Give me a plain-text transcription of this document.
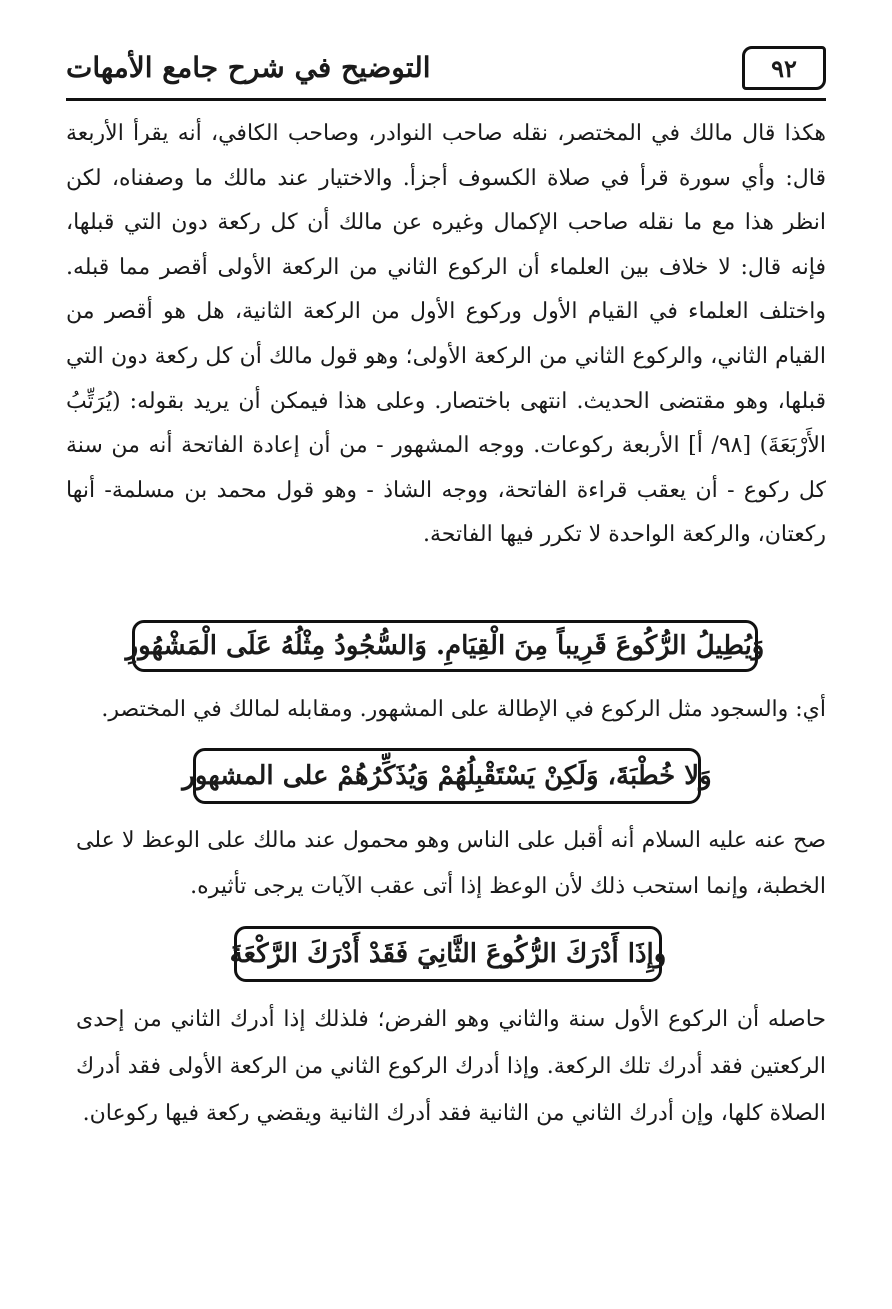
٩٢
التوضيح في شرح جامع الأمهات

هكذا قال مالك في المختصر، نقله صاحب النوادر، وصاحب الكافي، أنه يقرأ الأربعة قال: وأي سورة قرأ في صلاة الكسوف أجزأ. والاختيار عند مالك ما وصفناه، لكن انظر هذا مع ما نقله صاحب الإكمال وغيره عن مالك أن كل ركعة دون التي قبلها، فإنه قال: لا خلاف بين العلماء أن الركوع الثاني من الركعة الأولى أقصر مما قبله. واختلف العلماء في القيام الأول وركوع الأول من الركعة الثانية، هل هو أقصر من القيام الثاني، والركوع الثاني من الركعة الأولى؛ وهو قول مالك أن كل ركعة دون التي قبلها، وهو مقتضى الحديث. انتهى باختصار. وعلى هذا فيمكن أن يريد بقوله: (يُرَتِّبُ الأَرْبَعَةَ) [٩٨/ أ] الأربعة ركوعات. ووجه المشهور - من أن إعادة الفاتحة أنه من سنة كل ركوع - أن يعقب قراءة الفاتحة، ووجه الشاذ - وهو قول محمد بن مسلمة- أنها ركعتان، والركعة الواحدة لا تكرر فيها الفاتحة.

وَيُطِيلُ الرُّكُوعَ قَرِيباً مِنَ الْقِيَامِ. وَالسُّجُودُ مِثْلُهُ عَلَى الْمَشْهُورِ

أي: والسجود مثل الركوع في الإطالة على المشهور. ومقابله لمالك في المختصر.

وَلا خُطْبَةَ، وَلَكِنْ يَسْتَقْبِلُهُمْ وَيُذَكِّرُهُمْ على المشهور

صح عنه عليه السلام أنه أقبل على الناس وهو محمول عند مالك على الوعظ لا على الخطبة، وإنما استحب ذلك لأن الوعظ إذا أتى عقب الآيات يرجى تأثيره.

وإِذَا أَدْرَكَ الرُّكُوعَ الثَّانِيَ فَقَدْ أَدْرَكَ الرَّكْعَةَ

حاصله أن الركوع الأول سنة والثاني وهو الفرض؛ فلذلك إذا أدرك الثاني من إحدى الركعتين فقد أدرك تلك الركعة. وإذا أدرك الركوع الثاني من الركعة الأولى فقد أدرك الصلاة كلها، وإن أدرك الثاني من الثانية فقد أدرك الثانية ويقضي ركعة فيها ركوعان.
